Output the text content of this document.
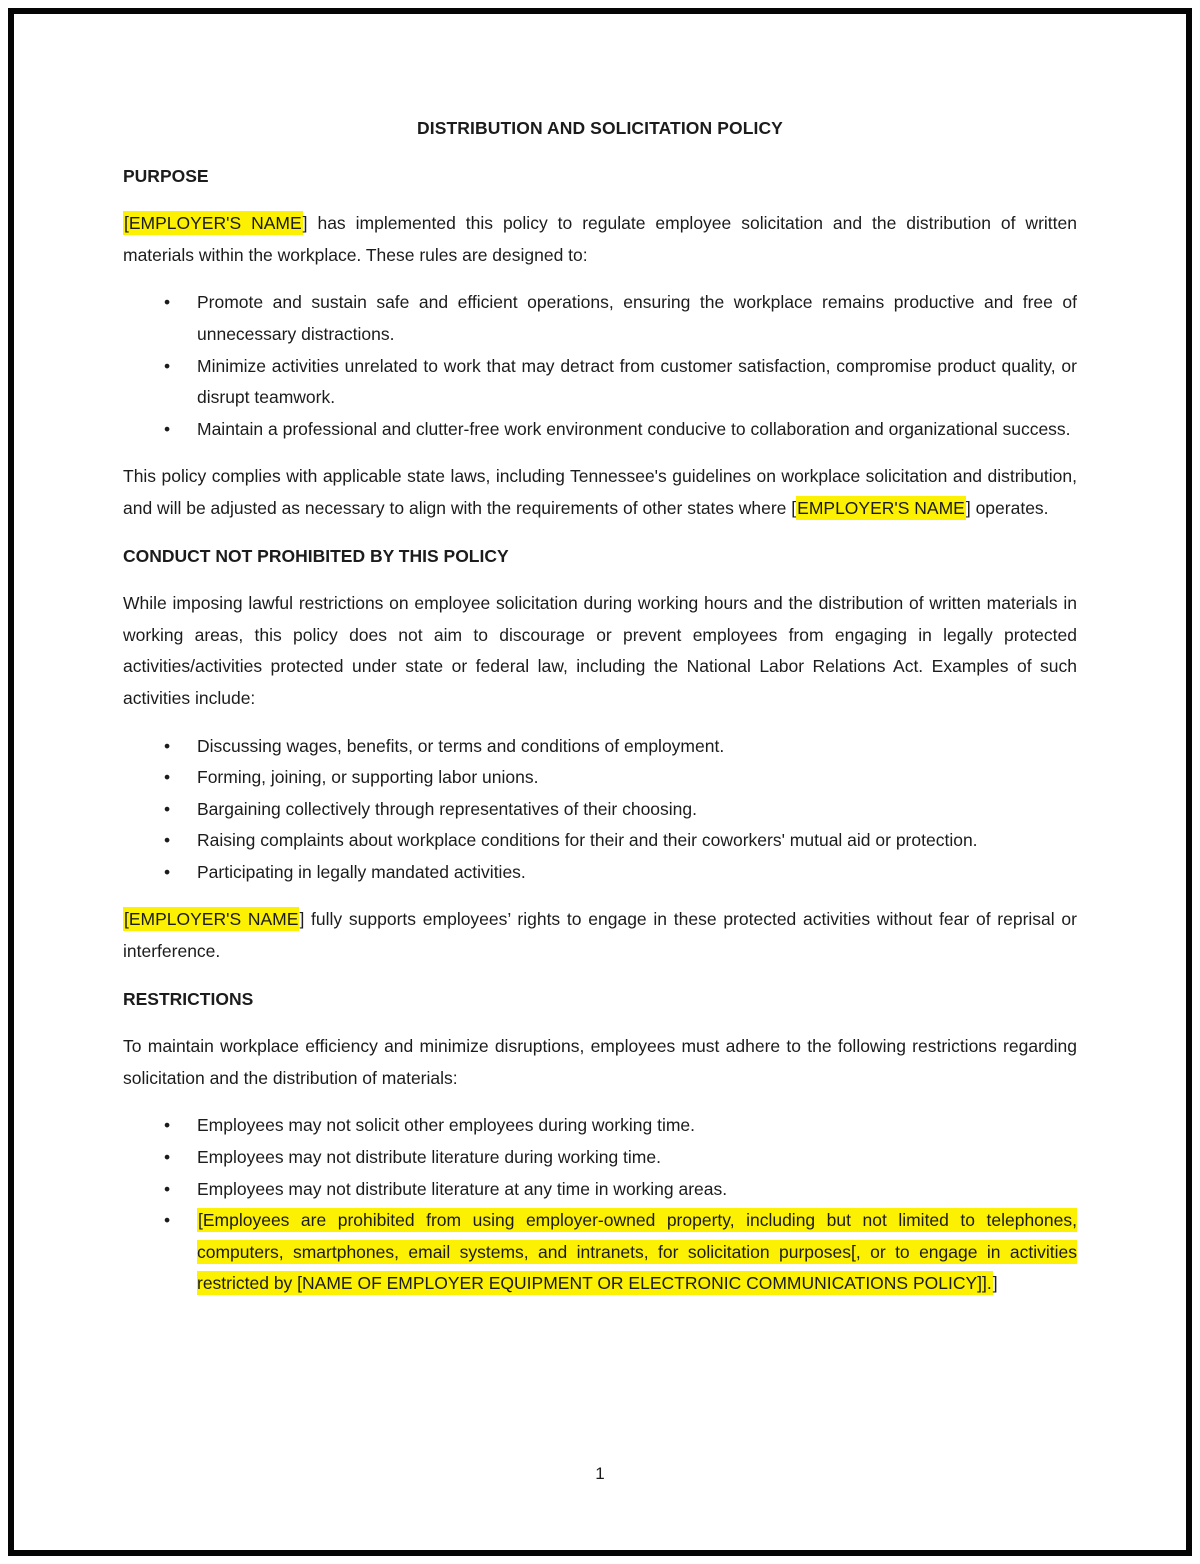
DISTRIBUTION AND SOLICITATION POLICY
PURPOSE

[EMPLOYER'S NAME] has implemented this policy to regulate employee solicitation and the distribution of written materials within the workplace. These rules are designed to:

• Promote and sustain safe and efficient operations, ensuring the workplace remains productive and free of unnecessary distractions.
• Minimize activities unrelated to work that may detract from customer satisfaction, compromise product quality, or disrupt teamwork.
• Maintain a professional and clutter-free work environment conducive to collaboration and organizational success.

This policy complies with applicable state laws, including Tennessee's guidelines on workplace solicitation and distribution, and will be adjusted as necessary to align with the requirements of other states where [EMPLOYER'S NAME] operates.

CONDUCT NOT PROHIBITED BY THIS POLICY

While imposing lawful restrictions on employee solicitation during working hours and the distribution of written materials in working areas, this policy does not aim to discourage or prevent employees from engaging in legally protected activities/activities protected under state or federal law, including the National Labor Relations Act. Examples of such activities include:

• Discussing wages, benefits, or terms and conditions of employment.
• Forming, joining, or supporting labor unions.
• Bargaining collectively through representatives of their choosing.
• Raising complaints about workplace conditions for their and their coworkers' mutual aid or protection.
• Participating in legally mandated activities.

[EMPLOYER'S NAME] fully supports employees’ rights to engage in these protected activities without fear of reprisal or interference.

RESTRICTIONS

To maintain workplace efficiency and minimize disruptions, employees must adhere to the following restrictions regarding solicitation and the distribution of materials:

• Employees may not solicit other employees during working time.
• Employees may not distribute literature during working time.
• Employees may not distribute literature at any time in working areas.
• [Employees are prohibited from using employer-owned property, including but not limited to telephones, computers, smartphones, email systems, and intranets, for solicitation purposes[, or to engage in activities restricted by [NAME OF EMPLOYER EQUIPMENT OR ELECTRONIC COMMUNICATIONS POLICY]].]
1
